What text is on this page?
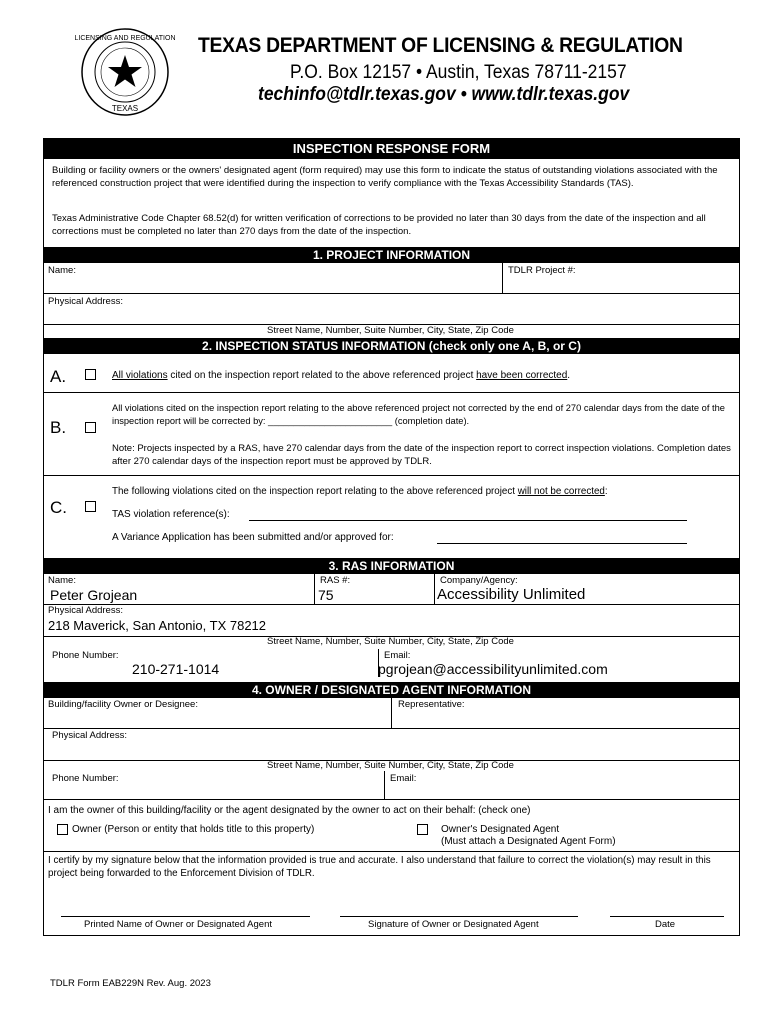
LICENSING AND REGULATION
TEXAS
TEXAS DEPARTMENT OF LICENSING & REGULATION
P.O. Box 12157 • Austin, Texas 78711-2157
techinfo@tdlr.texas.gov • www.tdlr.texas.gov
INSPECTION RESPONSE FORM
Building or facility owners or the owners' designated agent (form required) may use this form to indicate the status of outstanding violations associated with the referenced construction project that were identified during the inspection to verify compliance with the Texas Accessibility Standards (TAS).
Texas Administrative Code Chapter 68.52(d) for written verification of corrections to be provided no later than 30 days from the date of the inspection and all corrections must be completed no later than 270 days from the date of the inspection.
1. PROJECT INFORMATION
Name:	TDLR Project #:
Physical Address:
Street Name, Number, Suite Number, City, State, Zip Code
2. INSPECTION STATUS INFORMATION (check only one A, B, or C)
A.	All violations cited on the inspection report related to the above referenced project have been corrected.
B.
All violations cited on the inspection report relating to the above referenced project not corrected by the end of 270 calendar days from the date of the inspection report will be corrected by: ________________________ (completion date).
Note: Projects inspected by a RAS, have 270 calendar days from the date of the inspection report to correct inspection violations. Completion dates after 270 calendar days of the inspection report must be approved by TDLR.
C.
The following violations cited on the inspection report relating to the above referenced project will not be corrected:
TAS violation reference(s):
A Variance Application has been submitted and/or approved for:
3. RAS INFORMATION
Name:
Peter Grojean
RAS #:
75
Company/Agency:
Accessibility Unlimited
Physical Address:
218 Maverick, San Antonio, TX 78212
Street Name, Number, Suite Number, City, State, Zip Code
Phone Number:
210-271-1014
Email:
pgrojean@accessibilityunlimited.com
4. OWNER / DESIGNATED AGENT INFORMATION
Building/facility Owner or Designee:	Representative:
Physical Address:
Street Name, Number, Suite Number, City, State, Zip Code
Phone Number:	Email:
I am the owner of this building/facility or the agent designated by the owner to act on their behalf: (check one)
Owner (Person or entity that holds title to this property)	Owner's Designated Agent
(Must attach a Designated Agent Form)
I certify by my signature below that the information provided is true and accurate. I also understand that failure to correct the violation(s) may result in this project being forwarded to the Enforcement Division of TDLR.
Printed Name of Owner or Designated Agent	Signature of Owner or Designated Agent	Date
TDLR Form EAB229N Rev. Aug. 2023
